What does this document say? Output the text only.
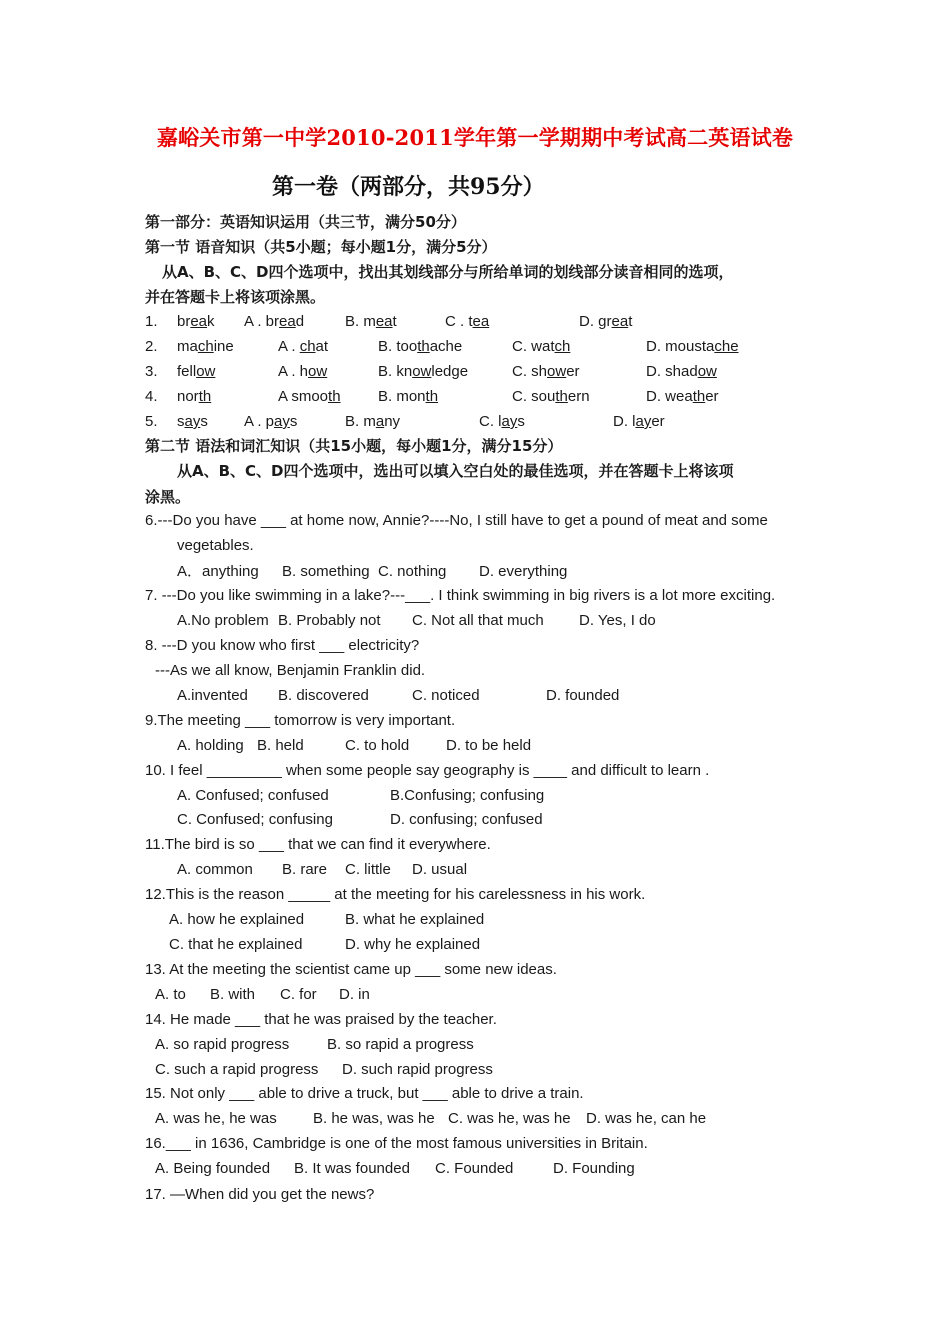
嘉峪关市第一中学2010-2011学年第一学期期中考试高二英语试卷
第一卷（两部分，共95分）
第一部分：英语知识运用（共三节，满分50分）
第一节 语音知识（共5小题；每小题1分，满分5分）
从A、B、C、D四个选项中，找出其划线部分与所给单词的划线部分读音相同的选项，
并在答题卡上将该项涂黑。
1. break A . bread	B. meat	C . tea	D. great
2. machine	A . chat	B. toothache	C. watch	D. moustache
3. fellow	A . how	B. knowledge	C. shower	D. shadow
4. north	A smooth B. month	C. southern	D. weather
5. says A . pays	B. many	C. lays	D. layer
第二节 语法和词汇知识（共15小题，每小题1分，满分15分）
从A、B、C、D四个选项中，选出可以填入空白处的最佳选项，并在答题卡上将该项
涂黑。
6.---Do you have ___ at home now, Annie?----No, I still have to get a pound of meat and some
vegetables.
A．anything B. something C. nothing D. everything
7. ---Do you like swimming in a lake?---___. I think swimming in big rivers is a lot more exciting.
A.No problem B. Probably not C. Not all that much D. Yes, I do
8. ---D you know who first ___ electricity?
---As we all know, Benjamin Franklin did.
A.invented B. discovered	C. noticed	D. founded
9.The meeting ___ tomorrow is very important.
A. holding B. held	C. to hold D. to be held
10. I feel _________ when some people say geography is ____ and difficult to learn .
A. Confused; confused	B.Confusing; confusing
C. Confused; confusing	D. confusing; confused
11.The bird is so ___ that we can find it everywhere.
A. common B. rare C. little D. usual
12.This is the reason _____ at the meeting for his carelessness in his work.
A. how he explained	B. what he explained
C. that he explained	D. why he explained
13. At the meeting the scientist came up ___ some new ideas.
A. to B. with C. for D. in
14. He made ___ that he was praised by the teacher.
A. so rapid progress	B. so rapid a progress
C. such a rapid progress D. such rapid progress
15. Not only ___ able to drive a truck, but ___ able to drive a train.
A. was he, he was B. he was, was he C. was he, was he D. was he, can he
16.___ in 1636, Cambridge is one of the most famous universities in Britain.
A. Being founded B. It was founded C. Founded	D. Founding
17. —When did you get the news?
